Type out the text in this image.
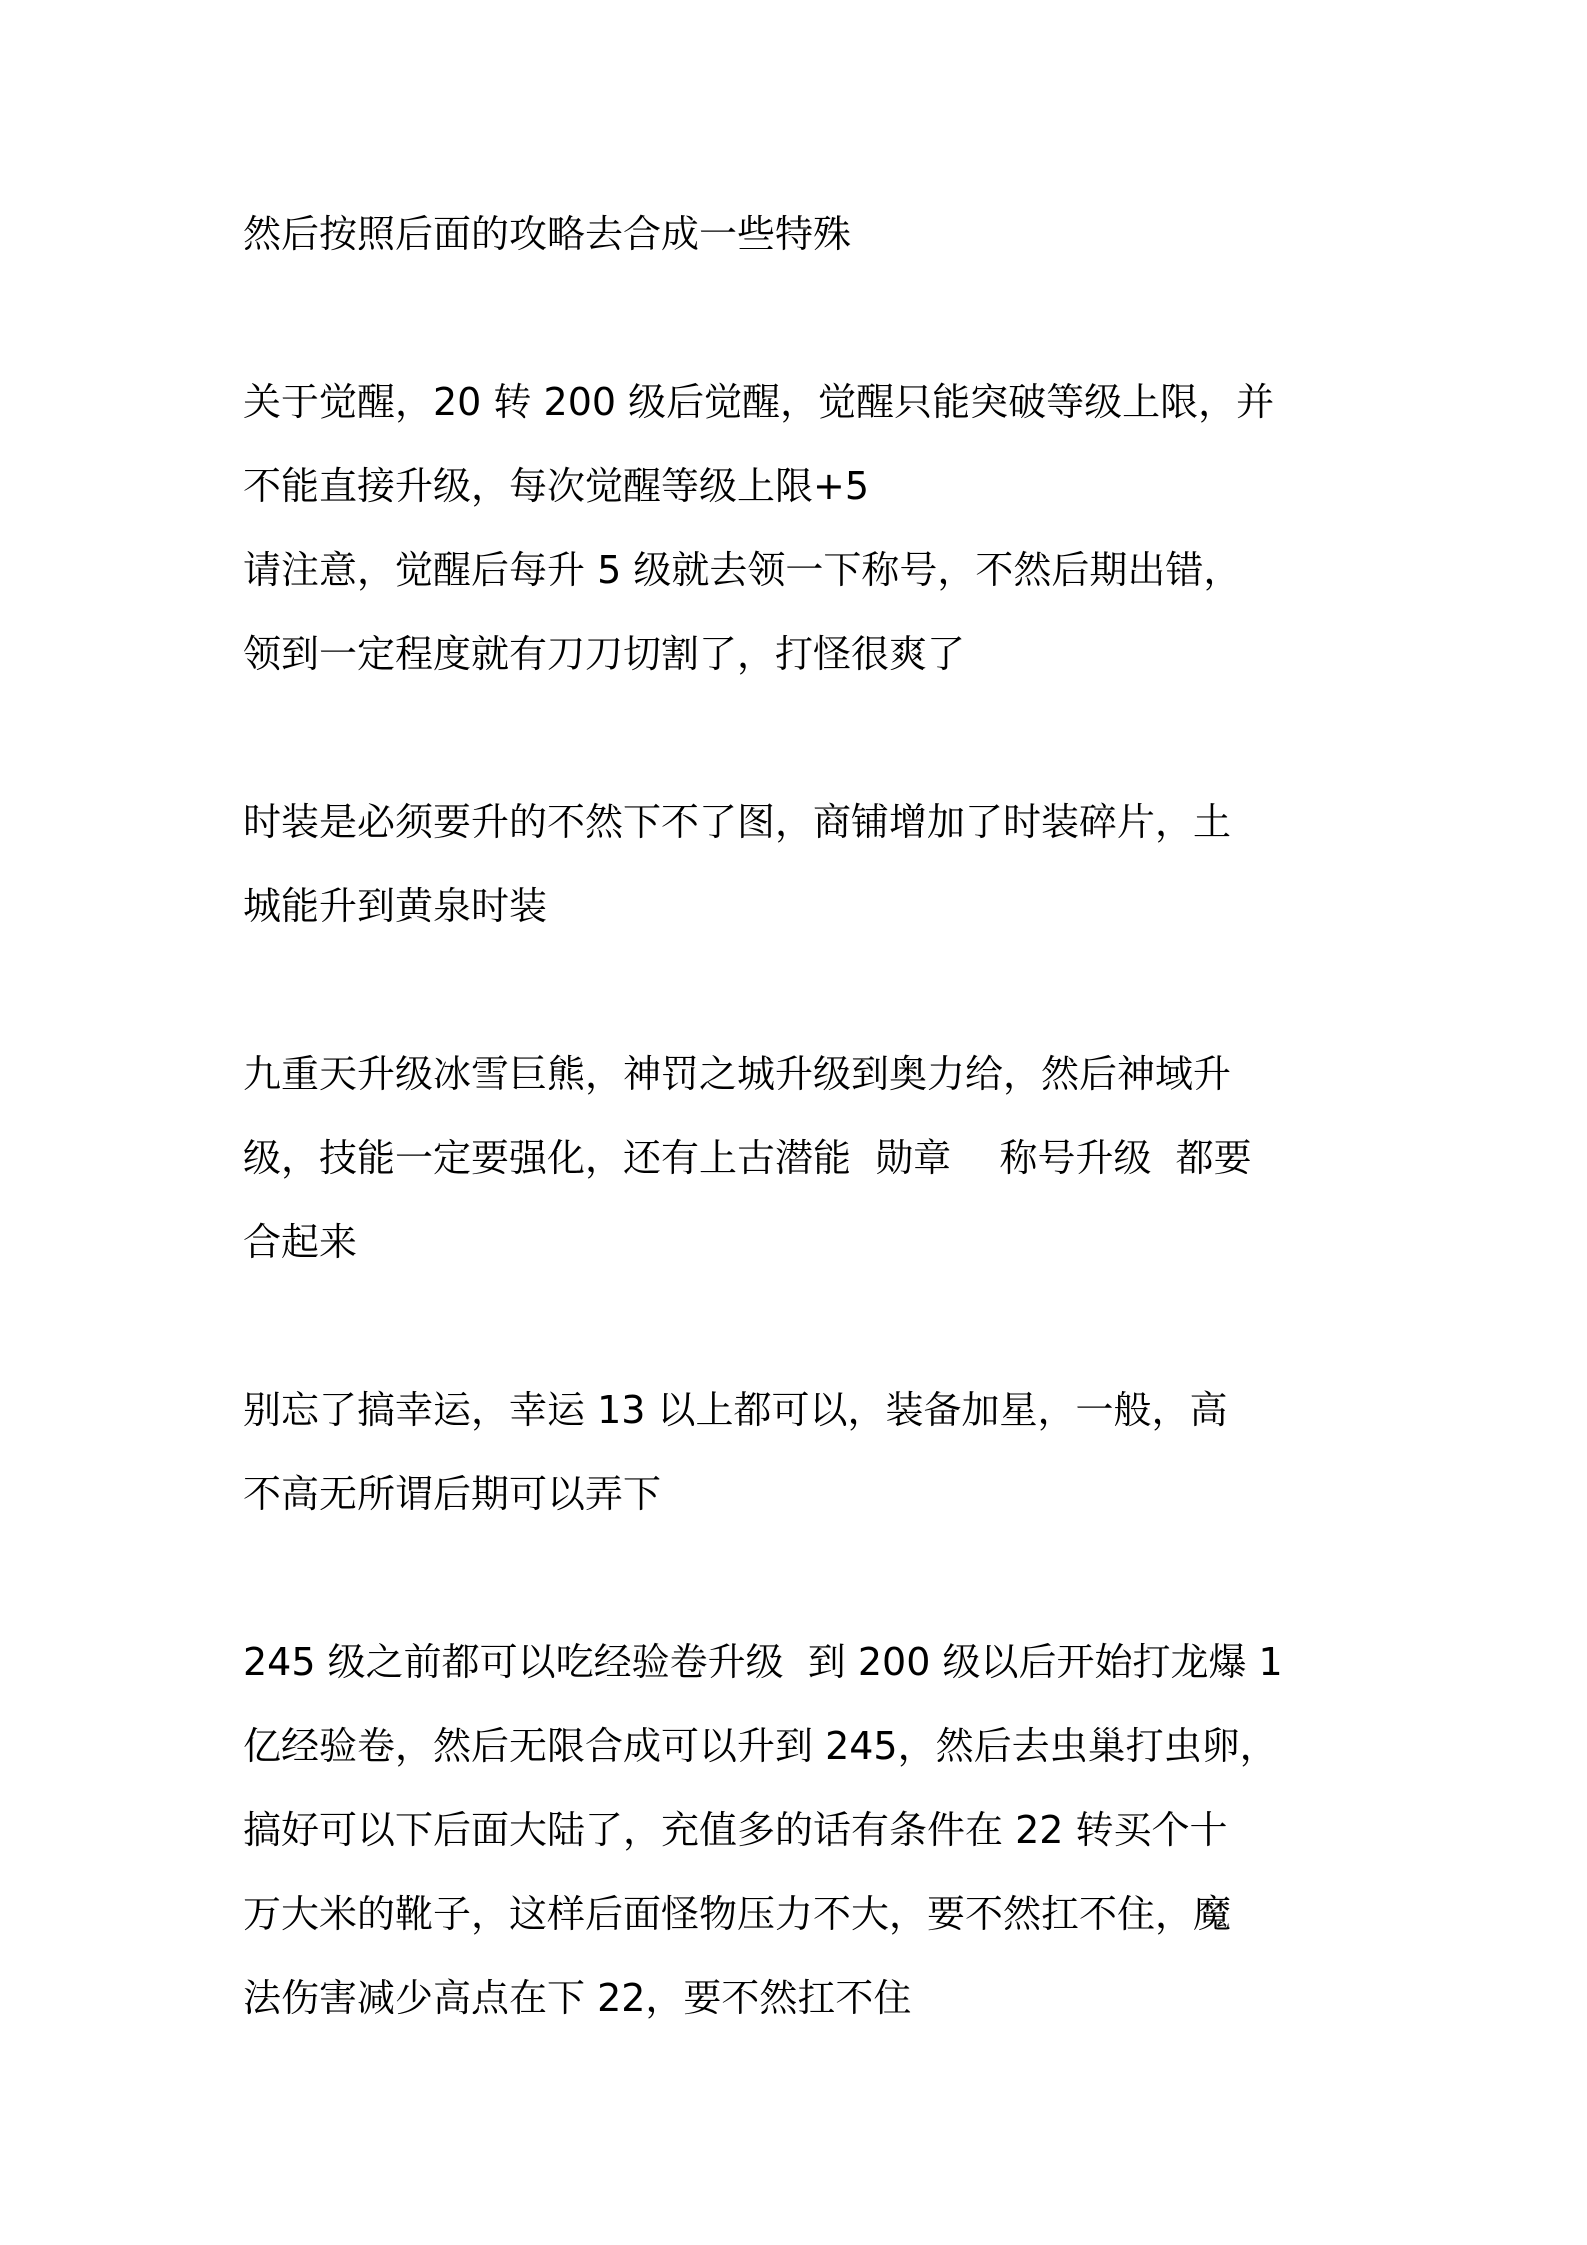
然后按照后面的攻略去合成一些特殊

关于觉醒，20 转 200 级后觉醒，觉醒只能突破等级上限，并
不能直接升级，每次觉醒等级上限+5
请注意，觉醒后每升 5 级就去领一下称号，不然后期出错，
领到一定程度就有刀刀切割了，打怪很爽了

时装是必须要升的不然下不了图，商铺增加了时装碎片，土
城能升到黄泉时装

九重天升级冰雪巨熊，神罚之城升级到奥力给，然后神域升
级，技能一定要强化，还有上古潜能  勋章    称号升级  都要
合起来

别忘了搞幸运，幸运 13 以上都可以，装备加星，一般，高
不高无所谓后期可以弄下

245 级之前都可以吃经验卷升级  到 200 级以后开始打龙爆 1
亿经验卷，然后无限合成可以升到 245，然后去虫巢打虫卵，
搞好可以下后面大陆了，充值多的话有条件在 22 转买个十
万大米的靴子，这样后面怪物压力不大，要不然扛不住，魔
法伤害减少高点在下 22，要不然扛不住
